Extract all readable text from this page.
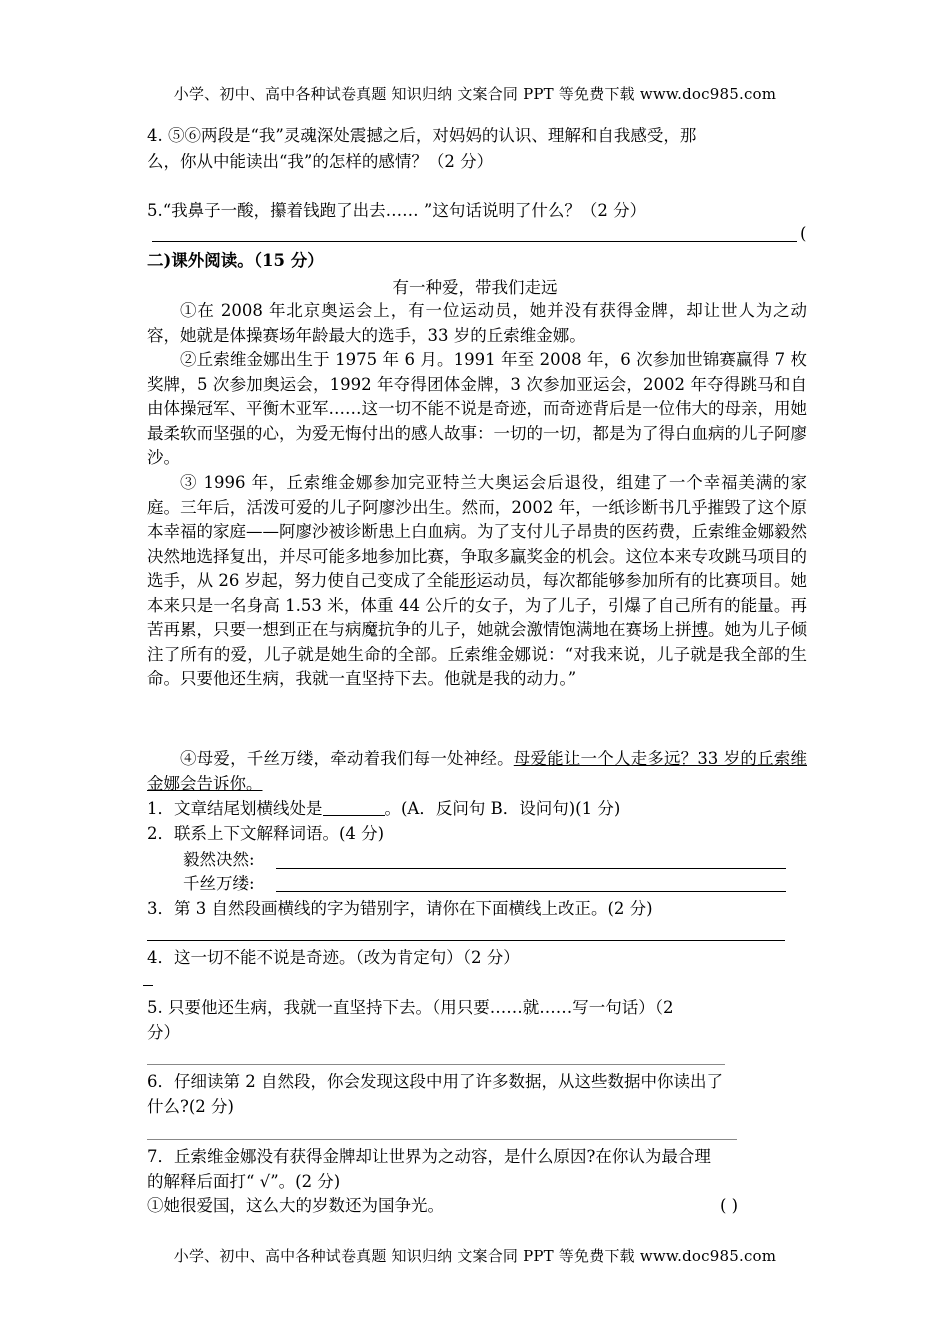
小学、初中、高中各种试卷真题 知识归纳 文案合同 PPT 等免费下载 www.doc985.com
4. ⑤⑥两段是“我”灵魂深处震撼之后，对妈妈的认识、理解和自我感受，那
么，你从中能读出“我”的怎样的感情？（2 分）
5.“我鼻子一酸，攥着钱跑了出去…… ”这句话说明了什么？（2 分）
(
二)课外阅读。（15 分）
有一种爱，带我们走远
①在 2008 年北京奥运会上，有一位运动员，她并没有获得金牌，却让世人为之动容，她就是体操赛场年龄最大的选手，33 岁的丘索维金娜。
②丘索维金娜出生于 1975 年 6 月。1991 年至 2008 年，6 次参加世锦赛赢得 7 枚奖牌，5 次参加奥运会，1992 年夺得团体金牌，3 次参加亚运会，2002 年夺得跳马和自由体操冠军、平衡木亚军……这一切不能不说是奇迹，而奇迹背后是一位伟大的母亲，用她最柔软而坚强的心，为爱无悔付出的感人故事：一切的一切，都是为了得白血病的儿子阿廖沙。
③ 1996 年，丘索维金娜参加完亚特兰大奥运会后退役，组建了一个幸福美满的家庭。三年后，活泼可爱的儿子阿廖沙出生。然而，2002 年，一纸诊断书几乎摧毁了这个原本幸福的家庭——阿廖沙被诊断患上白血病。为了支付儿子昂贵的医药费，丘索维金娜毅然决然地选择复出，并尽可能多地参加比赛，争取多赢奖金的机会。这位本来专攻跳马项目的选手，从 26 岁起，努力使自己变成了全能形运动员，每次都能够参加所有的比赛项目。她本来只是一名身高 1.53 米，体重 44 公斤的女子，为了儿子，引爆了自己所有的能量。再苦再累，只要一想到正在与病魔抗争的儿子，她就会激情饱满地在赛场上拼博。她为儿子倾注了所有的爱，儿子就是她生命的全部。丘索维金娜说：“对我来说，儿子就是我全部的生命。只要他还生病，我就一直坚持下去。他就是我的动力。”
④母爱，千丝万缕，牵动着我们每一处神经。母爱能让一个人走多远？33 岁的丘索维金娜会告诉你。
1．文章结尾划横线处是	。(A．反问句 B．设问句)(1 分)
2．联系上下文解释词语。(4 分)
毅然决然:
千丝万缕:
3．第 3 自然段画横线的字为错别字，请你在下面横线上改正。(2 分)
4．这一切不能不说是奇迹。（改为肯定句）（2 分）
5. 只要他还生病，我就一直坚持下去。（用只要……就……写一句话）（2
分）
6．仔细读第 2 自然段，你会发现这段中用了许多数据，从这些数据中你读出了
什么?(2 分)
7．丘索维金娜没有获得金牌却让世界为之动容，是什么原因?在你认为最合理
的解释后面打“ √”。(2 分)
①她很爱国，这么大的岁数还为国争光。	( )
小学、初中、高中各种试卷真题 知识归纳 文案合同 PPT 等免费下载 www.doc985.com
